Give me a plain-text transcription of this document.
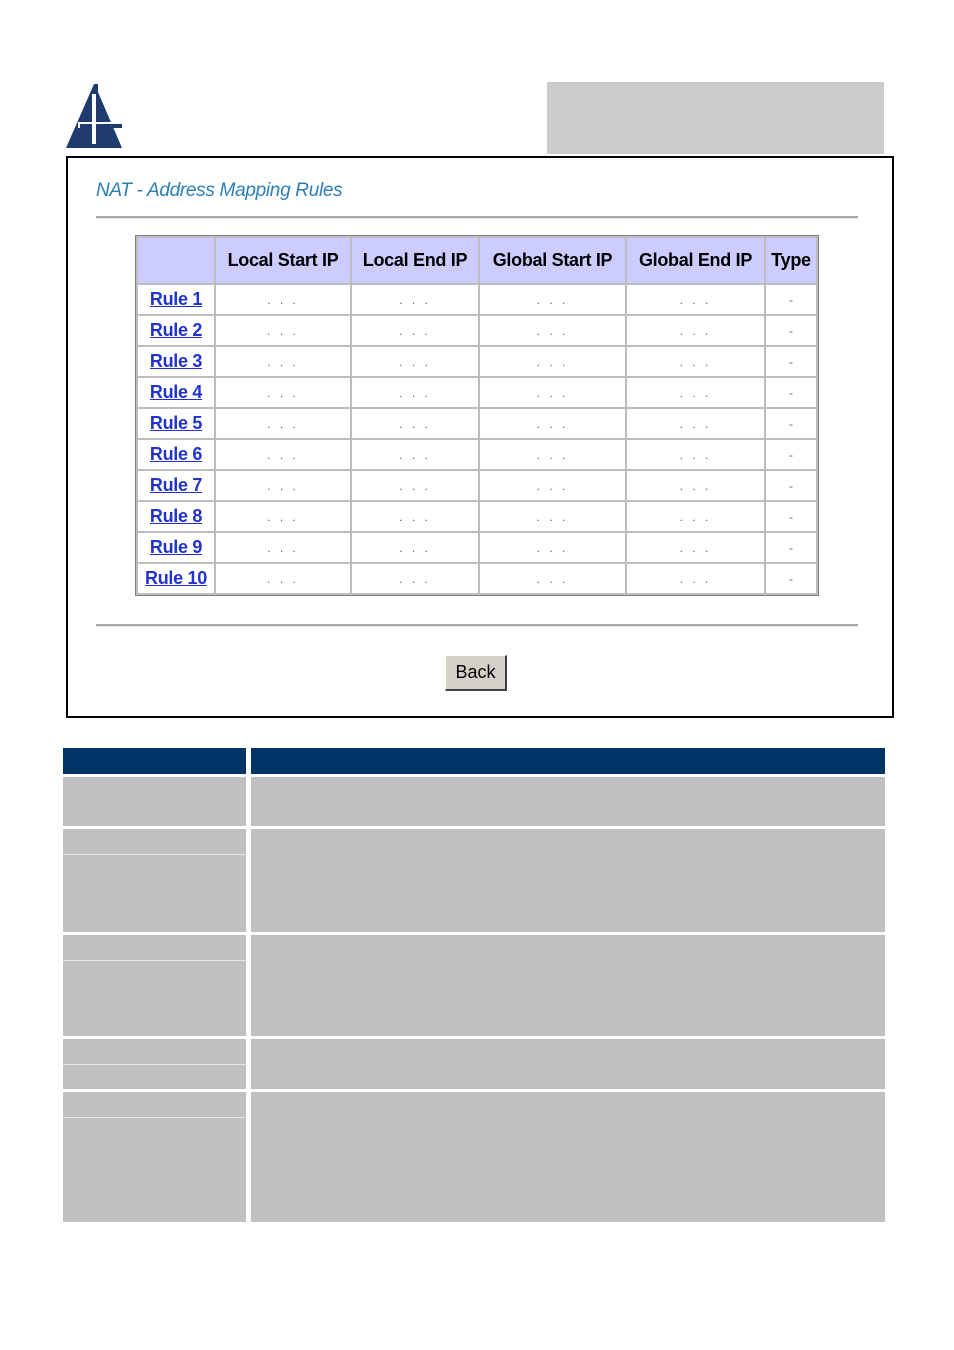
NAT - Address Mapping Rules
	Local Start IP	Local End IP	Global Start IP	Global End IP	Type
Rule 1	. . .	. . .	. . .	. . .	-
Rule 2	. . .	. . .	. . .	. . .	-
Rule 3	. . .	. . .	. . .	. . .	-
Rule 4	. . .	. . .	. . .	. . .	-
Rule 5	. . .	. . .	. . .	. . .	-
Rule 6	. . .	. . .	. . .	. . .	-
Rule 7	. . .	. . .	. . .	. . .	-
Rule 8	. . .	. . .	. . .	. . .	-
Rule 9	. . .	. . .	. . .	. . .	-
Rule 10	. . .	. . .	. . .	. . .	-
Back
